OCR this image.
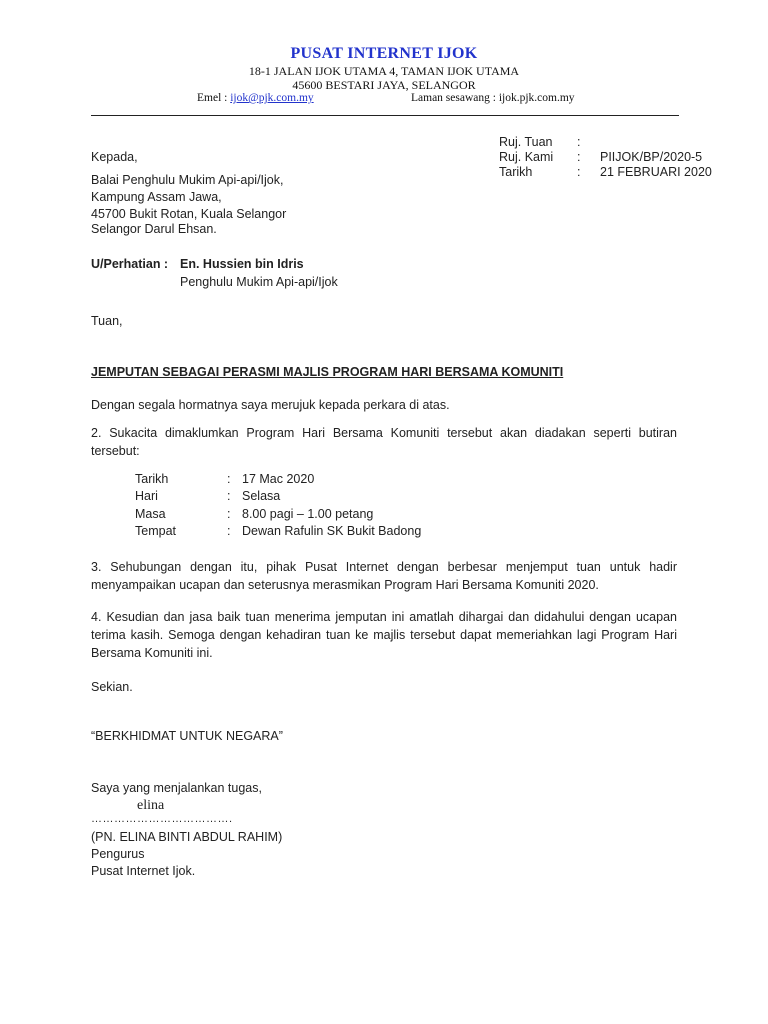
PUSAT INTERNET IJOK
18-1 JALAN IJOK UTAMA 4, TAMAN IJOK UTAMA
45600 BESTARI JAYA, SELANGOR
Emel : ijok@pjk.com.my	Laman sesawang : ijok.pjk.com.my
Ruj. Tuan :
Ruj. Kami : PIIJOK/BP/2020-5
Tarikh	: 21 FEBRUARI 2020
Kepada,
Balai Penghulu Mukim Api-api/Ijok,
Kampung Assam Jawa,
45700 Bukit Rotan, Kuala Selangor
Selangor Darul Ehsan.
U/Perhatian : En. Hussien bin Idris
Penghulu Mukim Api-api/Ijok
Tuan,
JEMPUTAN SEBAGAI PERASMI MAJLIS PROGRAM HARI BERSAMA KOMUNITI
Dengan segala hormatnya saya merujuk kepada perkara di atas.
2. Sukacita dimaklumkan Program Hari Bersama Komuniti tersebut akan diadakan seperti butiran tersebut:
Tarikh	: 17 Mac 2020
Hari	: Selasa
Masa	: 8.00 pagi – 1.00 petang
Tempat	: Dewan Rafulin SK Bukit Badong
3. Sehubungan dengan itu, pihak Pusat Internet dengan berbesar menjemput tuan untuk hadir menyampaikan ucapan dan seterusnya merasmikan Program Hari Bersama Komuniti 2020.
4. Kesudian dan jasa baik tuan menerima jemputan ini amatlah dihargai dan didahului dengan ucapan terima kasih. Semoga dengan kehadiran tuan ke majlis tersebut dapat memeriahkan lagi Program Hari Bersama Komuniti ini.
Sekian.
“BERKHIDMAT UNTUK NEGARA”
Saya yang menjalankan tugas,
elina
……………………………….
(PN. ELINA BINTI ABDUL RAHIM)
Pengurus
Pusat Internet Ijok.
